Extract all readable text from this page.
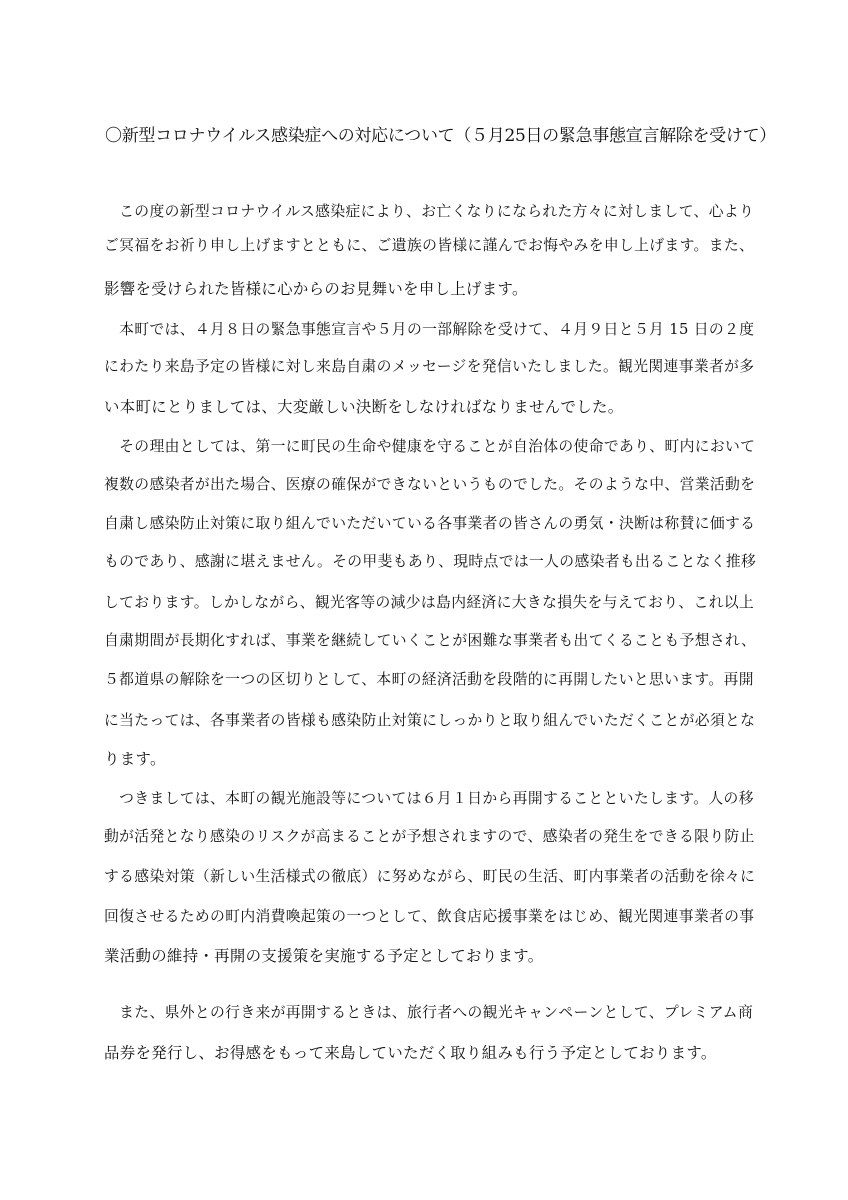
〇新型コロナウイルス感染症への対応について（５月25日の緊急事態宣言解除を受けて）
　この度の新型コロナウイルス感染症により、お亡くなりになられた方々に対しまして、心より
ご冥福をお祈り申し上げますとともに、ご遺族の皆様に謹んでお悔やみを申し上げます。また、
影響を受けられた皆様に心からのお見舞いを申し上げます。
　本町では、４月８日の緊急事態宣言や５月の一部解除を受けて、４月９日と５月 15 日の２度
にわたり来島予定の皆様に対し来島自粛のメッセージを発信いたしました。観光関連事業者が多
い本町にとりましては、大変厳しい決断をしなければなりませんでした。
　その理由としては、第一に町民の生命や健康を守ることが自治体の使命であり、町内において
複数の感染者が出た場合、医療の確保ができないというものでした。そのような中、営業活動を
自粛し感染防止対策に取り組んでいただいている各事業者の皆さんの勇気・決断は称賛に価する
ものであり、感謝に堪えません。その甲斐もあり、現時点では一人の感染者も出ることなく推移
しております。しかしながら、観光客等の減少は島内経済に大きな損失を与えており、これ以上
自粛期間が長期化すれば、事業を継続していくことが困難な事業者も出てくることも予想され、
５都道県の解除を一つの区切りとして、本町の経済活動を段階的に再開したいと思います。再開
に当たっては、各事業者の皆様も感染防止対策にしっかりと取り組んでいただくことが必須とな
ります。
　つきましては、本町の観光施設等については６月１日から再開することといたします。人の移
動が活発となり感染のリスクが高まることが予想されますので、感染者の発生をできる限り防止
する感染対策（新しい生活様式の徹底）に努めながら、町民の生活、町内事業者の活動を徐々に
回復させるための町内消費喚起策の一つとして、飲食店応援事業をはじめ、観光関連事業者の事
業活動の維持・再開の支援策を実施する予定としております。
　また、県外との行き来が再開するときは、旅行者への観光キャンペーンとして、プレミアム商
品券を発行し、お得感をもって来島していただく取り組みも行う予定としております。
